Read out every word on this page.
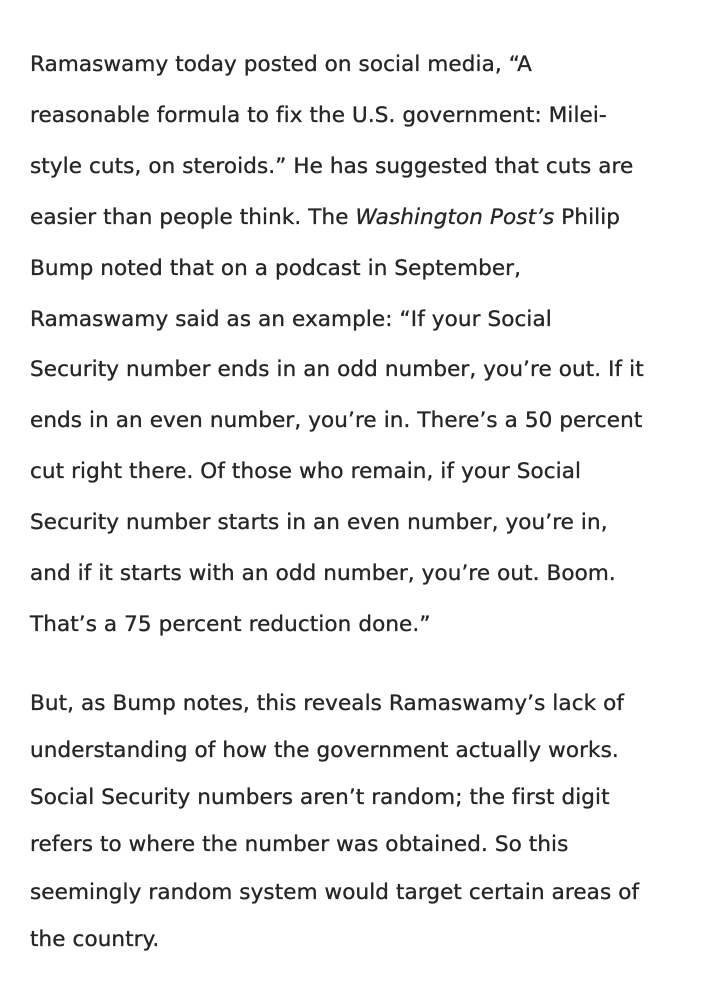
Ramaswamy today posted on social media, “A
reasonable formula to fix the U.S. government: Milei-
style cuts, on steroids.” He has suggested that cuts are
easier than people think. The Washington Post’s Philip
Bump noted that on a podcast in September,
Ramaswamy said as an example: “If your Social
Security number ends in an odd number, you’re out. If it
ends in an even number, you’re in. There’s a 50 percent
cut right there. Of those who remain, if your Social
Security number starts in an even number, you’re in,
and if it starts with an odd number, you’re out. Boom.
That’s a 75 percent reduction done.”

But, as Bump notes, this reveals Ramaswamy’s lack of
understanding of how the government actually works.
Social Security numbers aren’t random; the first digit
refers to where the number was obtained. So this
seemingly random system would target certain areas of
the country.
